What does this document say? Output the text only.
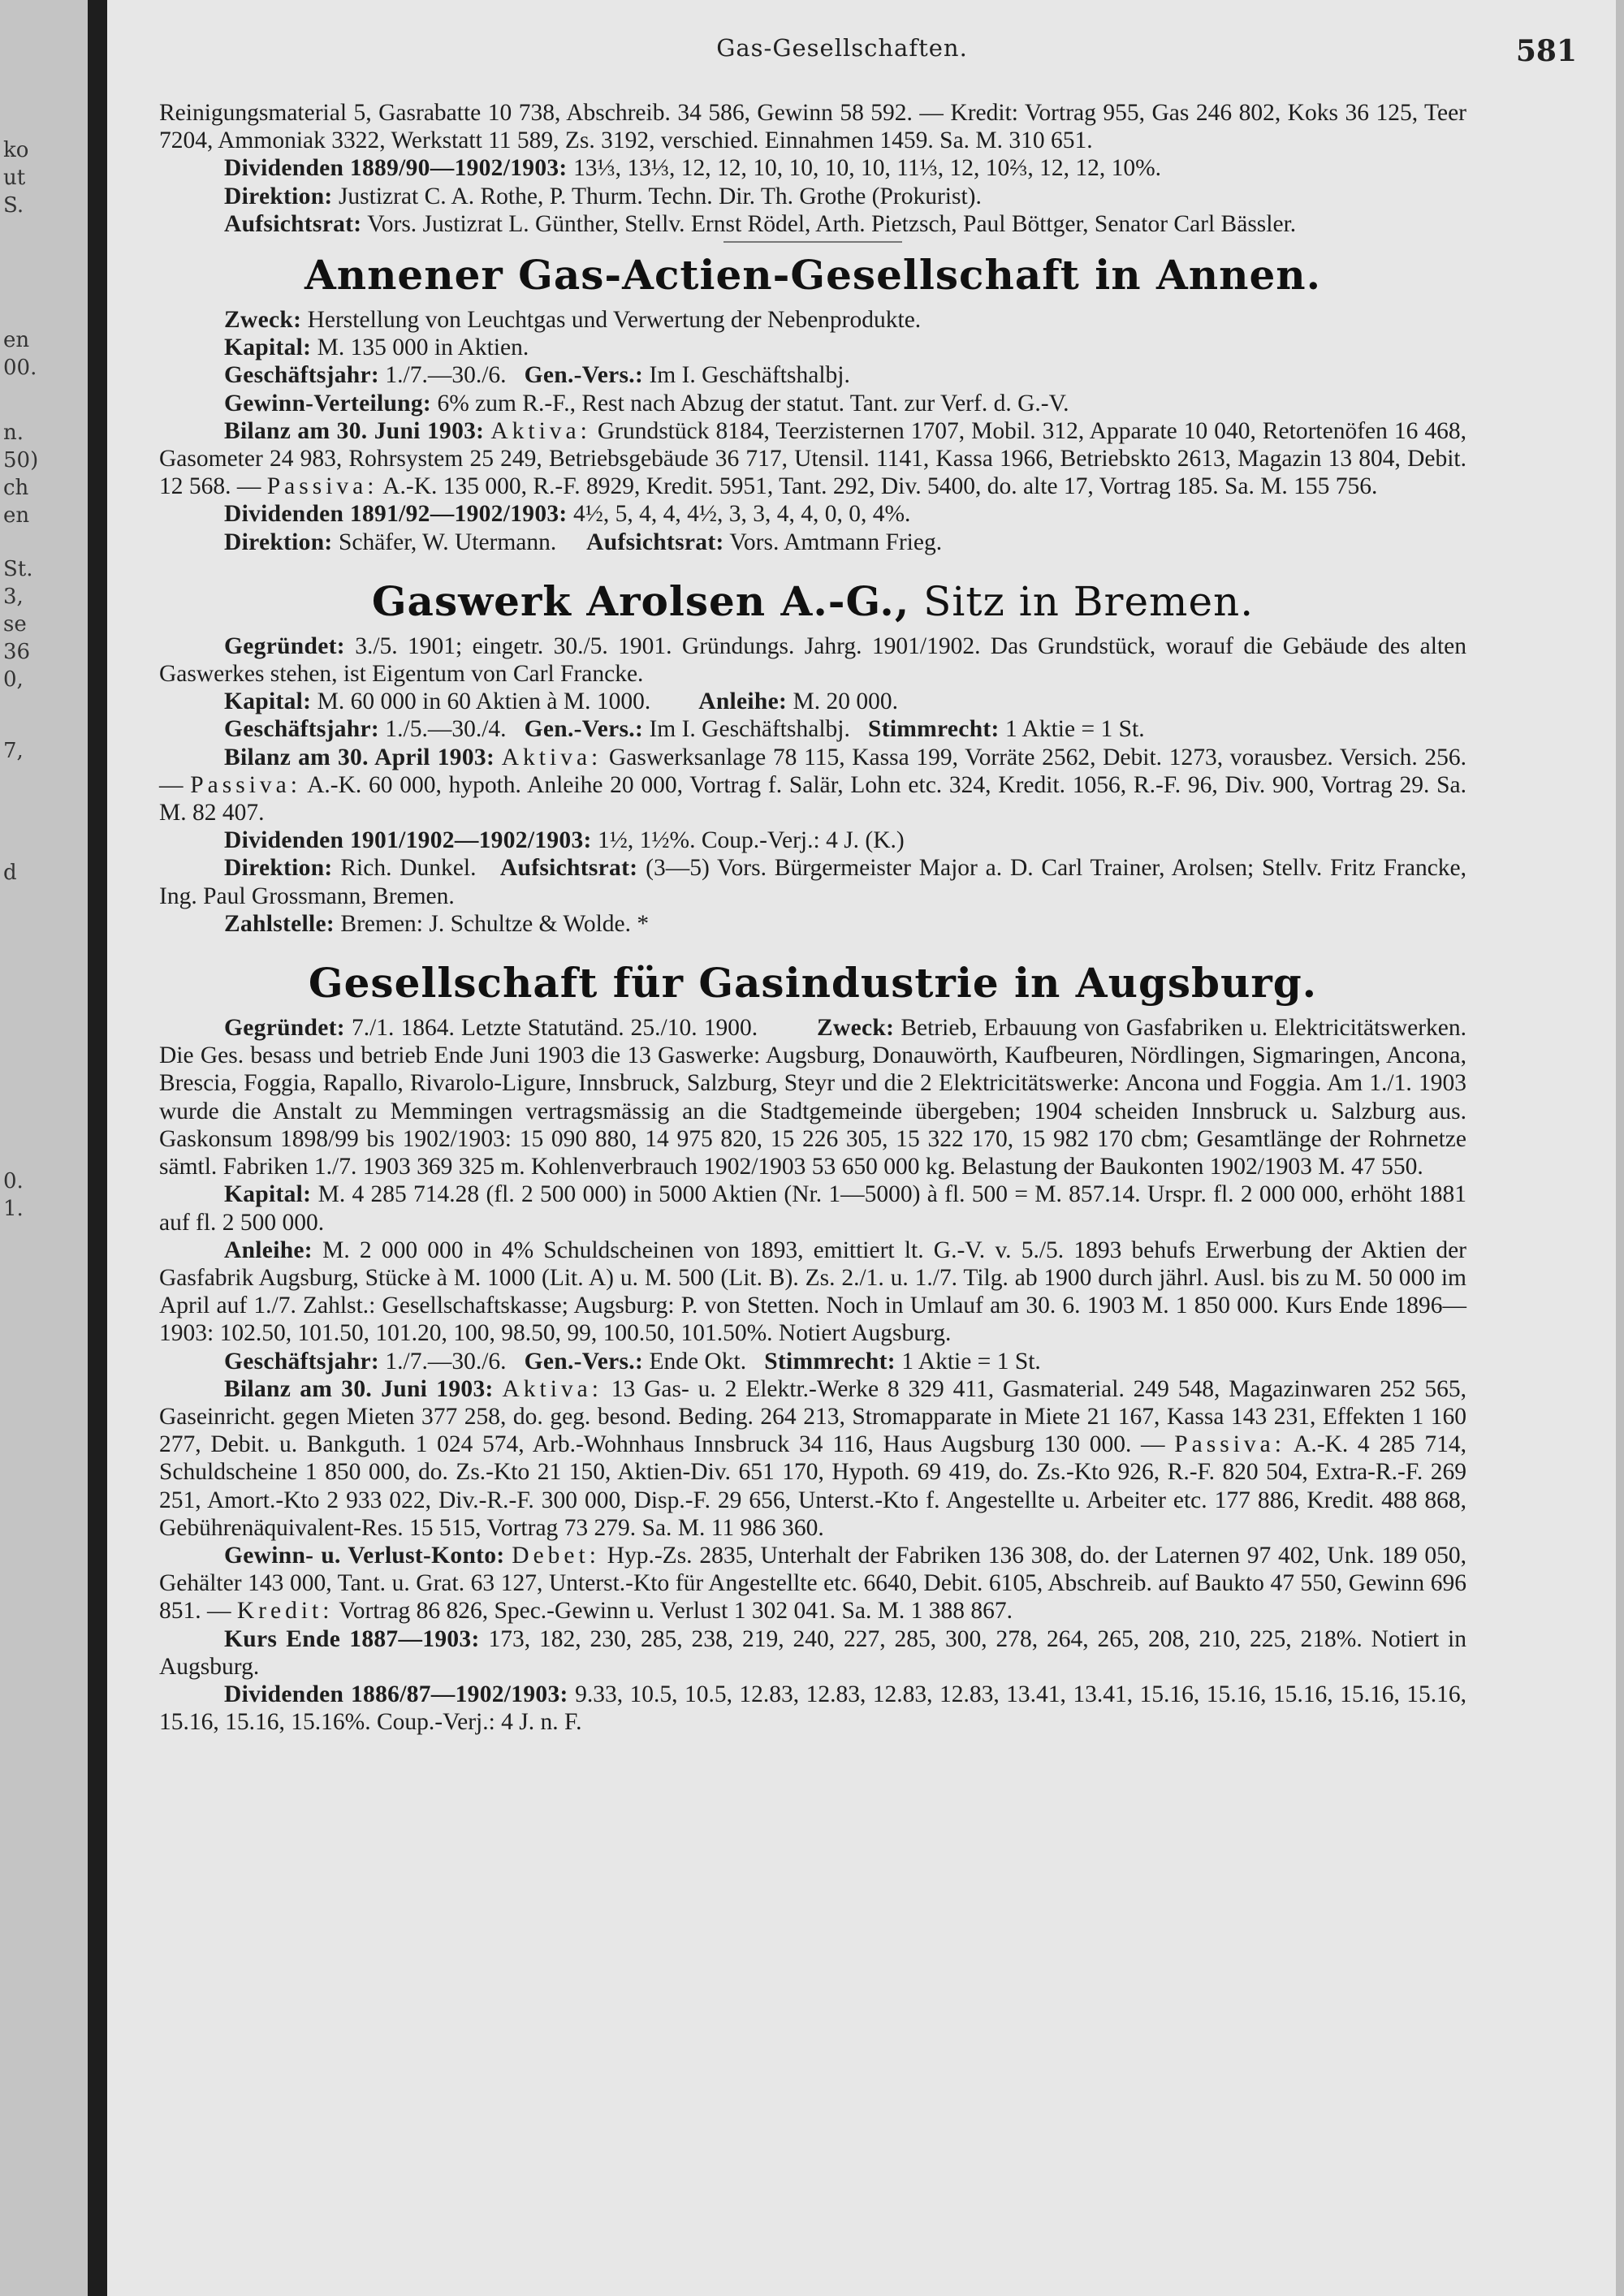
ko
ut
S.
en
00.
n.
50)
ch
en
St.
3,
se
36
0,
7,
d
0.
1.
Gas-Gesellschaften.	581

Reinigungsmaterial 5, Gasrabatte 10 738, Abschreib. 34 586, Gewinn 58 592. — Kredit: Vortrag 955, Gas 246 802, Koks 36 125, Teer 7204, Ammoniak 3322, Werkstatt 11 589, Zs. 3192, verschied. Einnahmen 1459. Sa. M. 310 651.

Dividenden 1889/90—1902/1903: 13⅓, 13⅓, 12, 12, 10, 10, 10, 10, 11⅓, 12, 10⅔, 12, 12, 10%.

Direktion: Justizrat C. A. Rothe, P. Thurm. Techn. Dir. Th. Grothe (Prokurist).

Aufsichtsrat: Vors. Justizrat L. Günther, Stellv. Ernst Rödel, Arth. Pietzsch, Paul Böttger, Senator Carl Bässler.

Annener Gas-Actien-Gesellschaft in Annen.

Zweck: Herstellung von Leuchtgas und Verwertung der Nebenprodukte.

Kapital: M. 135 000 in Aktien.

Geschäftsjahr: 1./7.—30./6. Gen.-Vers.: Im I. Geschäftshalbj.

Gewinn-Verteilung: 6% zum R.-F., Rest nach Abzug der statut. Tant. zur Verf. d. G.-V.

Bilanz am 30. Juni 1903: Aktiva: Grundstück 8184, Teerzisternen 1707, Mobil. 312, Apparate 10 040, Retortenöfen 16 468, Gasometer 24 983, Rohrsystem 25 249, Betriebsgebäude 36 717, Utensil. 1141, Kassa 1966, Betriebskto 2613, Magazin 13 804, Debit. 12 568. — Passiva: A.-K. 135 000, R.-F. 8929, Kredit. 5951, Tant. 292, Div. 5400, do. alte 17, Vortrag 185. Sa. M. 155 756.

Dividenden 1891/92—1902/1903: 4½, 5, 4, 4, 4½, 3, 3, 4, 4, 0, 0, 4%.

Direktion: Schäfer, W. Utermann. Aufsichtsrat: Vors. Amtmann Frieg.

Gaswerk Arolsen A.-G., Sitz in Bremen.

Gegründet: 3./5. 1901; eingetr. 30./5. 1901. Gründungs. Jahrg. 1901/1902. Das Grundstück, worauf die Gebäude des alten Gaswerkes stehen, ist Eigentum von Carl Francke.

Kapital: M. 60 000 in 60 Aktien à M. 1000. Anleihe: M. 20 000.

Geschäftsjahr: 1./5.—30./4. Gen.-Vers.: Im I. Geschäftshalbj. Stimmrecht: 1 Aktie = 1 St.

Bilanz am 30. April 1903: Aktiva: Gaswerksanlage 78 115, Kassa 199, Vorräte 2562, Debit. 1273, vorausbez. Versich. 256. — Passiva: A.-K. 60 000, hypoth. Anleihe 20 000, Vortrag f. Salär, Lohn etc. 324, Kredit. 1056, R.-F. 96, Div. 900, Vortrag 29. Sa. M. 82 407.

Dividenden 1901/1902—1902/1903: 1½, 1½%. Coup.-Verj.: 4 J. (K.)

Direktion: Rich. Dunkel. Aufsichtsrat: (3—5) Vors. Bürgermeister Major a. D. Carl Trainer, Arolsen; Stellv. Fritz Francke, Ing. Paul Grossmann, Bremen.

Zahlstelle: Bremen: J. Schultze & Wolde. *

Gesellschaft für Gasindustrie in Augsburg.

Gegründet: 7./1. 1864. Letzte Statutänd. 25./10. 1900.         Zweck: Betrieb, Erbauung von Gasfabriken u. Elektricitätswerken. Die Ges. besass und betrieb Ende Juni 1903 die 13 Gaswerke: Augsburg, Donauwörth, Kaufbeuren, Nördlingen, Sigmaringen, Ancona, Brescia, Foggia, Rapallo, Rivarolo-Ligure, Innsbruck, Salzburg, Steyr und die 2 Elektricitätswerke: Ancona und Foggia. Am 1./1. 1903 wurde die Anstalt zu Memmingen vertragsmässig an die Stadtgemeinde übergeben; 1904 scheiden Innsbruck u. Salzburg aus. Gaskonsum 1898/99 bis 1902/1903: 15 090 880, 14 975 820, 15 226 305, 15 322 170, 15 982 170 cbm; Gesamtlänge der Rohrnetze sämtl. Fabriken 1./7. 1903 369 325 m. Kohlenverbrauch 1902/1903 53 650 000 kg. Belastung der Baukonten 1902/1903 M. 47 550.

Kapital: M. 4 285 714.28 (fl. 2 500 000) in 5000 Aktien (Nr. 1—5000) à fl. 500 = M. 857.14. Urspr. fl. 2 000 000, erhöht 1881 auf fl. 2 500 000.

Anleihe: M. 2 000 000 in 4% Schuldscheinen von 1893, emittiert lt. G.-V. v. 5./5. 1893 behufs Erwerbung der Aktien der Gasfabrik Augsburg, Stücke à M. 1000 (Lit. A) u. M. 500 (Lit. B). Zs. 2./1. u. 1./7. Tilg. ab 1900 durch jährl. Ausl. bis zu M. 50 000 im April auf 1./7. Zahlst.: Gesellschaftskasse; Augsburg: P. von Stetten. Noch in Umlauf am 30. 6. 1903 M. 1 850 000. Kurs Ende 1896—1903: 102.50, 101.50, 101.20, 100, 98.50, 99, 100.50, 101.50%. Notiert Augsburg.

Geschäftsjahr: 1./7.—30./6. Gen.-Vers.: Ende Okt. Stimmrecht: 1 Aktie = 1 St.

Bilanz am 30. Juni 1903: Aktiva: 13 Gas- u. 2 Elektr.-Werke 8 329 411, Gasmaterial. 249 548, Magazinwaren 252 565, Gaseinricht. gegen Mieten 377 258, do. geg. besond. Beding. 264 213, Stromapparate in Miete 21 167, Kassa 143 231, Effekten 1 160 277, Debit. u. Bankguth. 1 024 574, Arb.-Wohnhaus Innsbruck 34 116, Haus Augsburg 130 000. — Passiva: A.-K. 4 285 714, Schuldscheine 1 850 000, do. Zs.-Kto 21 150, Aktien-Div. 651 170, Hypoth. 69 419, do. Zs.-Kto 926, R.-F. 820 504, Extra-R.-F. 269 251, Amort.-Kto 2 933 022, Div.-R.-F. 300 000, Disp.-F. 29 656, Unterst.-Kto f. Angestellte u. Arbeiter etc. 177 886, Kredit. 488 868, Gebührenäquivalent-Res. 15 515, Vortrag 73 279. Sa. M. 11 986 360.

Gewinn- u. Verlust-Konto: Debet: Hyp.-Zs. 2835, Unterhalt der Fabriken 136 308, do. der Laternen 97 402, Unk. 189 050, Gehälter 143 000, Tant. u. Grat. 63 127, Unterst.-Kto für Angestellte etc. 6640, Debit. 6105, Abschreib. auf Baukto 47 550, Gewinn 696 851. — Kredit: Vortrag 86 826, Spec.-Gewinn u. Verlust 1 302 041. Sa. M. 1 388 867.

Kurs Ende 1887—1903: 173, 182, 230, 285, 238, 219, 240, 227, 285, 300, 278, 264, 265, 208, 210, 225, 218%. Notiert in Augsburg.

Dividenden 1886/87—1902/1903: 9.33, 10.5, 10.5, 12.83, 12.83, 12.83, 12.83, 13.41, 13.41, 15.16, 15.16, 15.16, 15.16, 15.16, 15.16, 15.16, 15.16%. Coup.-Verj.: 4 J. n. F.
